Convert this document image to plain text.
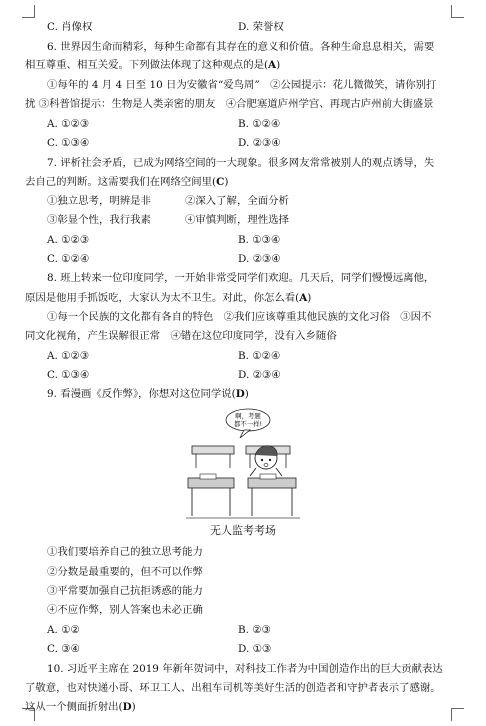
C. 肖像权	D. 荣誉权
6. 世界因生命而精彩，每种生命都有其存在的意义和价值。各种生命息息相关，需要
相互尊重、相互关爱。下列做法体现了这种观点的是(A)
①每年的 4 月 4 日至 10 日为安徽省“爱鸟周”　②公园提示：花儿微微笑，请你别打
扰 ③科普馆提示：生物是人类亲密的朋友　④合肥塞道庐州学宫、再现古庐州前大街盛景
A. ①②③	B. ①②④
C. ①③④	D. ②③④
7. 评析社会矛盾，已成为网络空间的一大现象。很多网友常常被别人的观点诱导，失
去自己的判断。这需要我们在网络空间里(C)
①独立思考，明辨是非	②深入了解，全面分析
③彰显个性，我行我素	④审慎判断，理性选择
A. ①②③	B. ①③④
C. ①②④	D. ②③④
8. 班上转来一位印度同学，一开始非常受同学们欢迎。几天后，同学们慢慢远离他，
原因是他用手抓饭吃，大家认为太不卫生。对此，你怎么看(A)
①每一个民族的文化都有各自的特色　②我们应该尊重其他民族的文化习俗　③因不
同文化视角，产生误解很正常　④错在这位印度同学，没有入乡随俗
A. ①②③	B. ①②④
C. ①③④	D. ②③④
9. 看漫画《反作弊》，你想对这位同学说(D)
啊，考题
都不一样!
无人监考考场
①我们要培养自己的独立思考能力
②分数是最重要的，但不可以作弊
③平常要加强自己抗拒诱惑的能力
④不应作弊，别人答案也未必正确
A. ①②	B. ②③
C. ③④	D. ①③
10. 习近平主席在 2019 年新年贺词中，对科技工作者为中国创造作出的巨大贡献表达
了敬意，也对快递小哥、环卫工人、出租车司机等美好生活的创造者和守护者表示了感谢。
这从一个侧面折射出(D)
